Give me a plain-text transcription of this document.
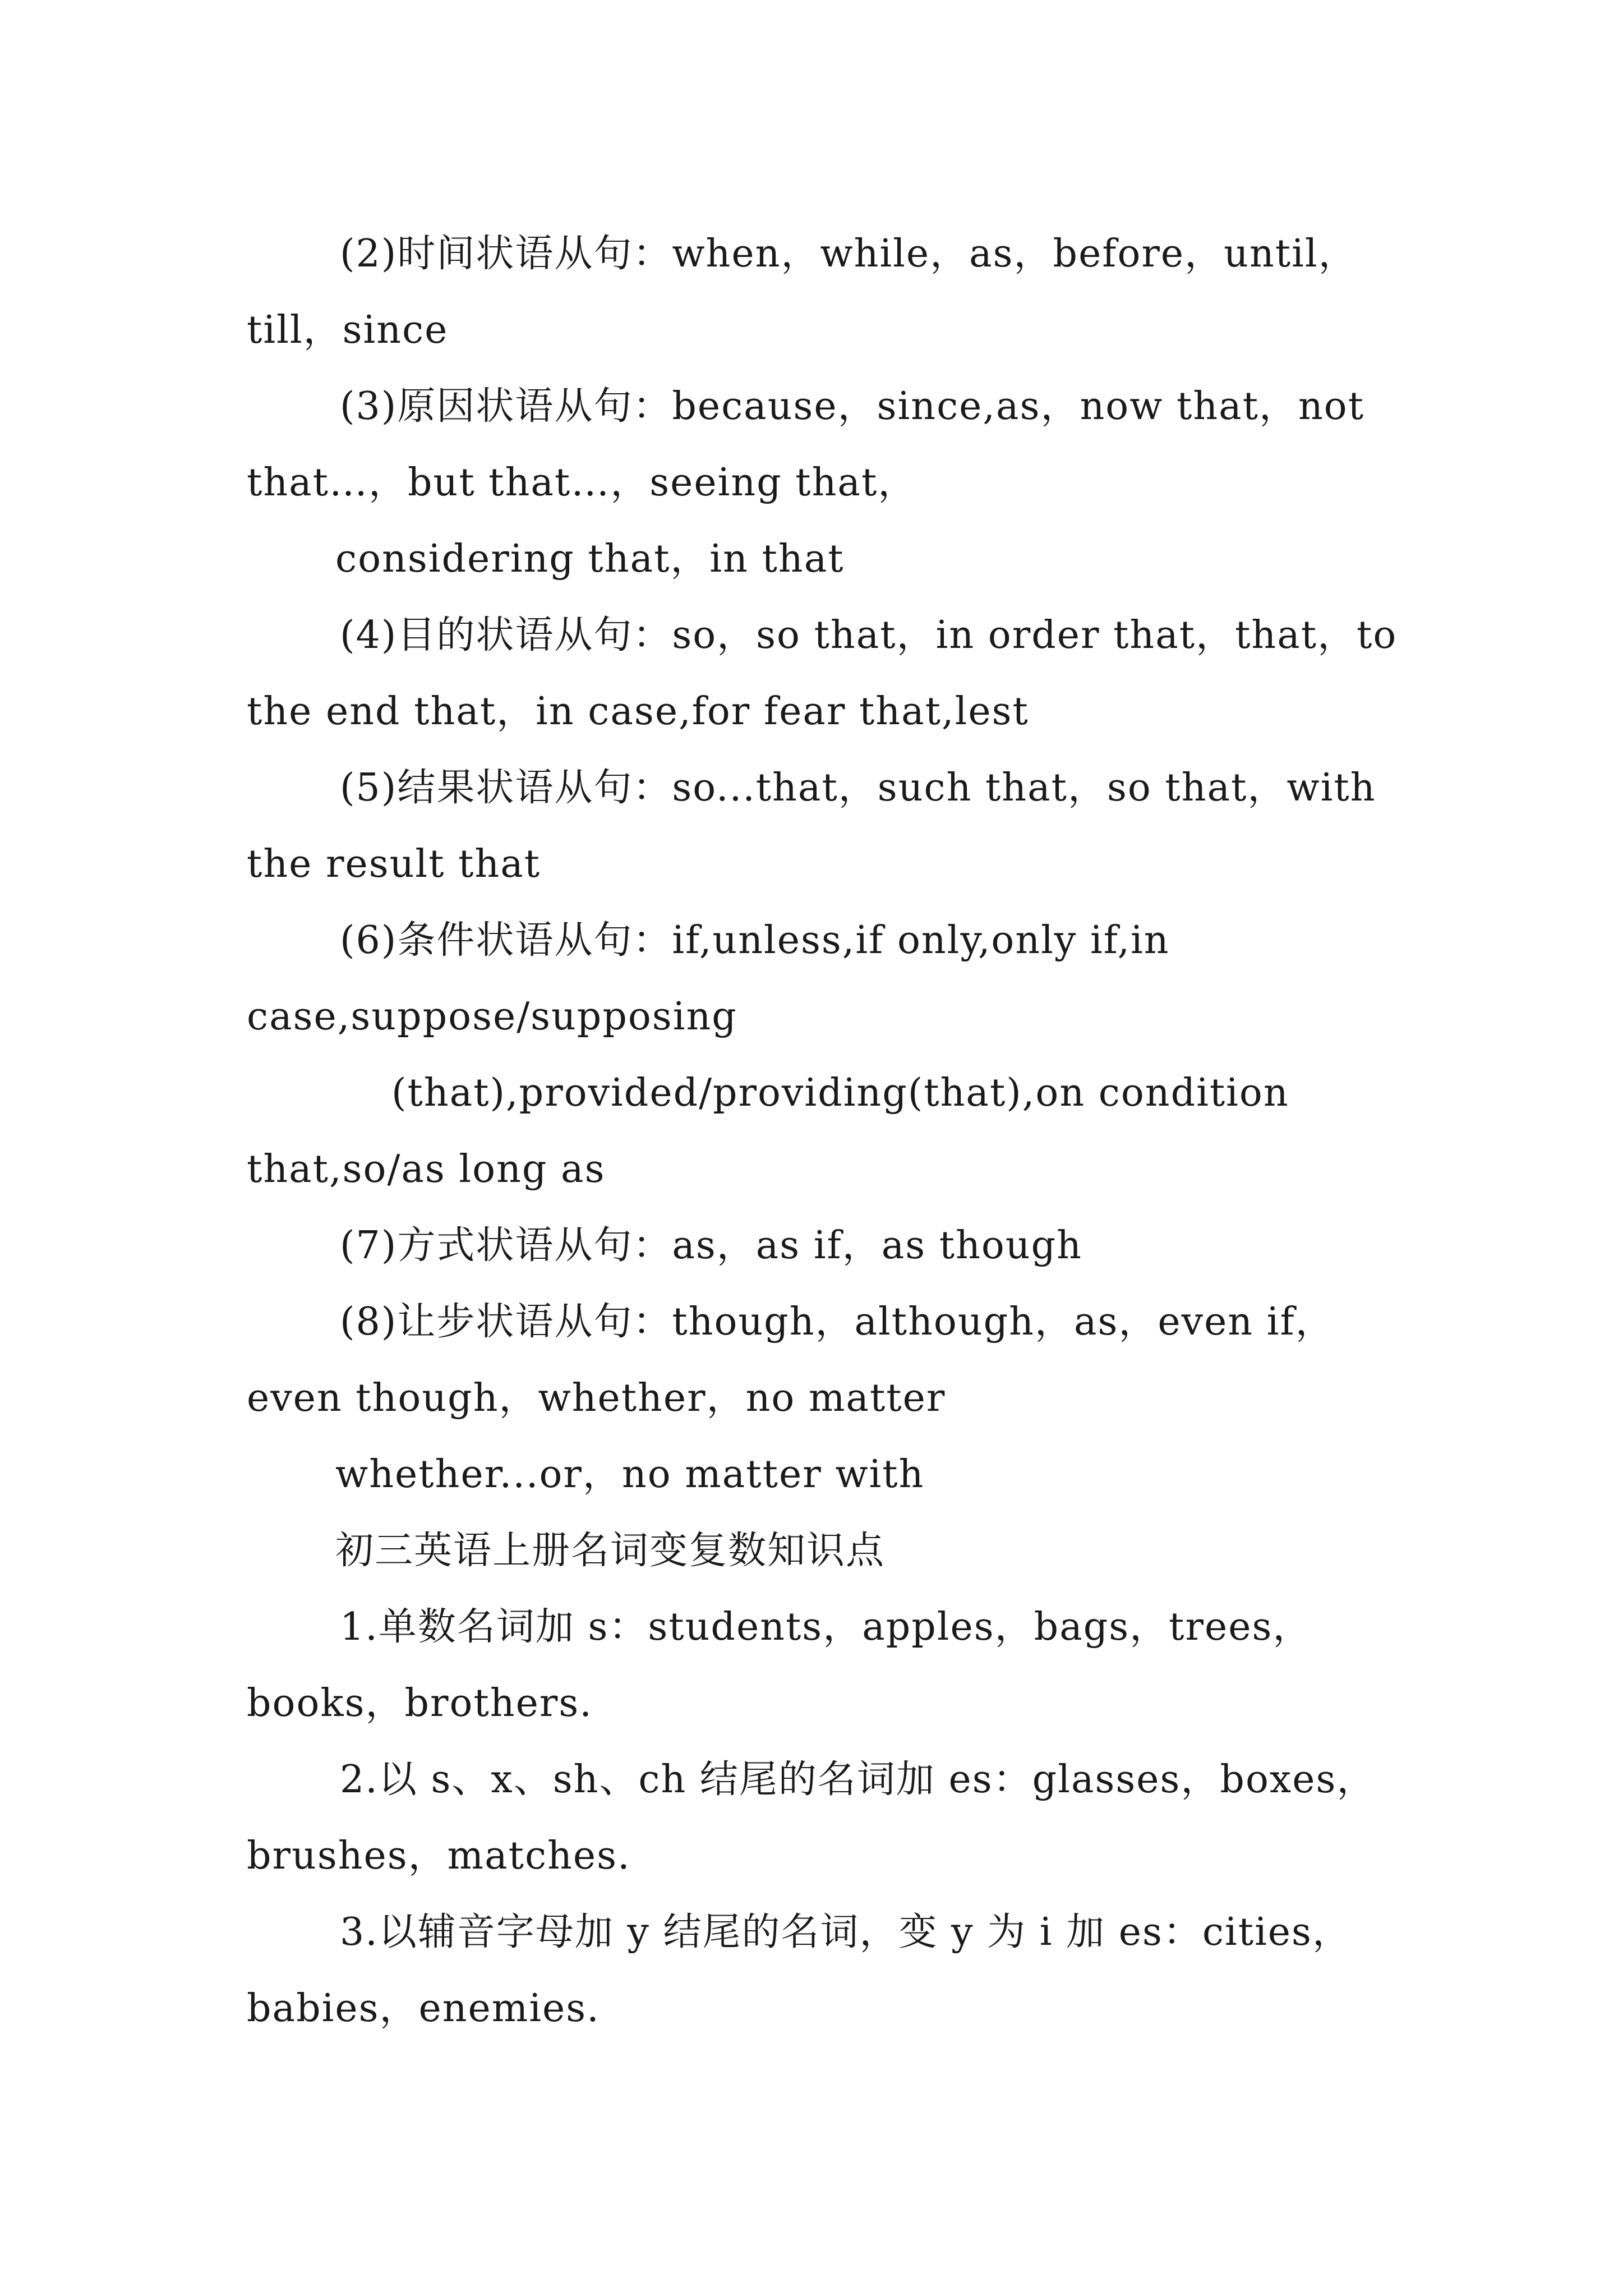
(2)时间状语从句：when，while，as，before，until，till，since

(3)原因状语从句：because，since,as，now that，not that…，but that…，seeing that，

considering that，in that

(4)目的状语从句：so，so that，in order that，that，to the end that，in case,for fear that,lest

(5)结果状语从句：so...that，such that，so that，with the result that

(6)条件状语从句：if,unless,if only,only if,in case,suppose/supposing

(that),provided/providing(that),on condition that,so/as long as

(7)方式状语从句：as，as if，as though

(8)让步状语从句：though，although，as，even if，even though，whether，no matter

whether...or，no matter with

初三英语上册名词变复数知识点

1.单数名词加 s：students，apples，bags，trees，books，brothers.

2.以 s、x、sh、ch 结尾的名词加 es：glasses，boxes，brushes，matches.

3.以辅音字母加 y 结尾的名词，变 y 为 i 加 es：cities，babies，enemies.
